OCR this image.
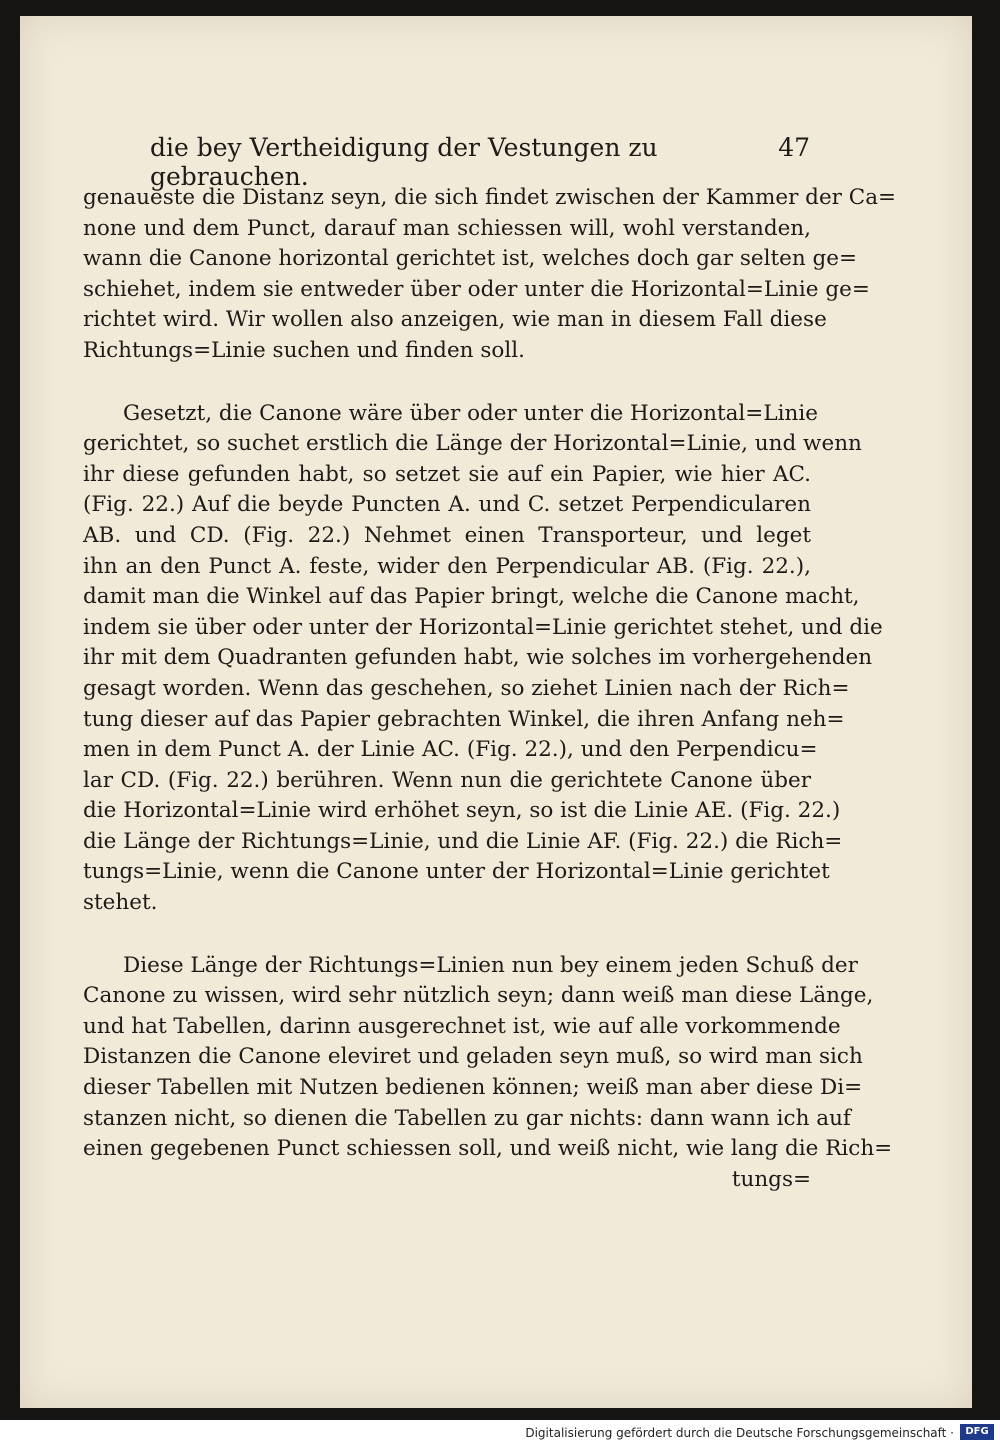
die bey Vertheidigung der Vestungen zu gebrauchen.
47
genaueste die Distanz seyn, die sich findet zwischen der Kammer der Ca=
none und dem Punct, darauf man schiessen will, wohl verstanden,
wann die Canone horizontal gerichtet ist, welches doch gar selten ge=
schiehet, indem sie entweder über oder unter die Horizontal=Linie ge=
richtet wird. Wir wollen also anzeigen, wie man in diesem Fall diese
Richtungs=Linie suchen und finden soll.
Gesetzt, die Canone wäre über oder unter die Horizontal=Linie
gerichtet, so suchet erstlich die Länge der Horizontal=Linie, und wenn
ihr diese gefunden habt, so setzet sie auf ein Papier, wie hier AC.
(Fig. 22.) Auf die beyde Puncten A. und C. setzet Perpendicularen
AB. und CD. (Fig. 22.) Nehmet einen Transporteur, und leget
ihn an den Punct A. feste, wider den Perpendicular AB. (Fig. 22.),
damit man die Winkel auf das Papier bringt, welche die Canone macht,
indem sie über oder unter der Horizontal=Linie gerichtet stehet, und die
ihr mit dem Quadranten gefunden habt, wie solches im vorhergehenden
gesagt worden. Wenn das geschehen, so ziehet Linien nach der Rich=
tung dieser auf das Papier gebrachten Winkel, die ihren Anfang neh=
men in dem Punct A. der Linie AC. (Fig. 22.), und den Perpendicu=
lar CD. (Fig. 22.) berühren. Wenn nun die gerichtete Canone über
die Horizontal=Linie wird erhöhet seyn, so ist die Linie AE. (Fig. 22.)
die Länge der Richtungs=Linie, und die Linie AF. (Fig. 22.) die Rich=
tungs=Linie, wenn die Canone unter der Horizontal=Linie gerichtet
stehet.
Diese Länge der Richtungs=Linien nun bey einem jeden Schuß der
Canone zu wissen, wird sehr nützlich seyn; dann weiß man diese Länge,
und hat Tabellen, darinn ausgerechnet ist, wie auf alle vorkommende
Distanzen die Canone eleviret und geladen seyn muß, so wird man sich
dieser Tabellen mit Nutzen bedienen können; weiß man aber diese Di=
stanzen nicht, so dienen die Tabellen zu gar nichts: dann wann ich auf
einen gegebenen Punct schiessen soll, und weiß nicht, wie lang die Rich=
tungs=
Digitalisierung gefördert durch die Deutsche Forschungsgemeinschaft ·	DFG
